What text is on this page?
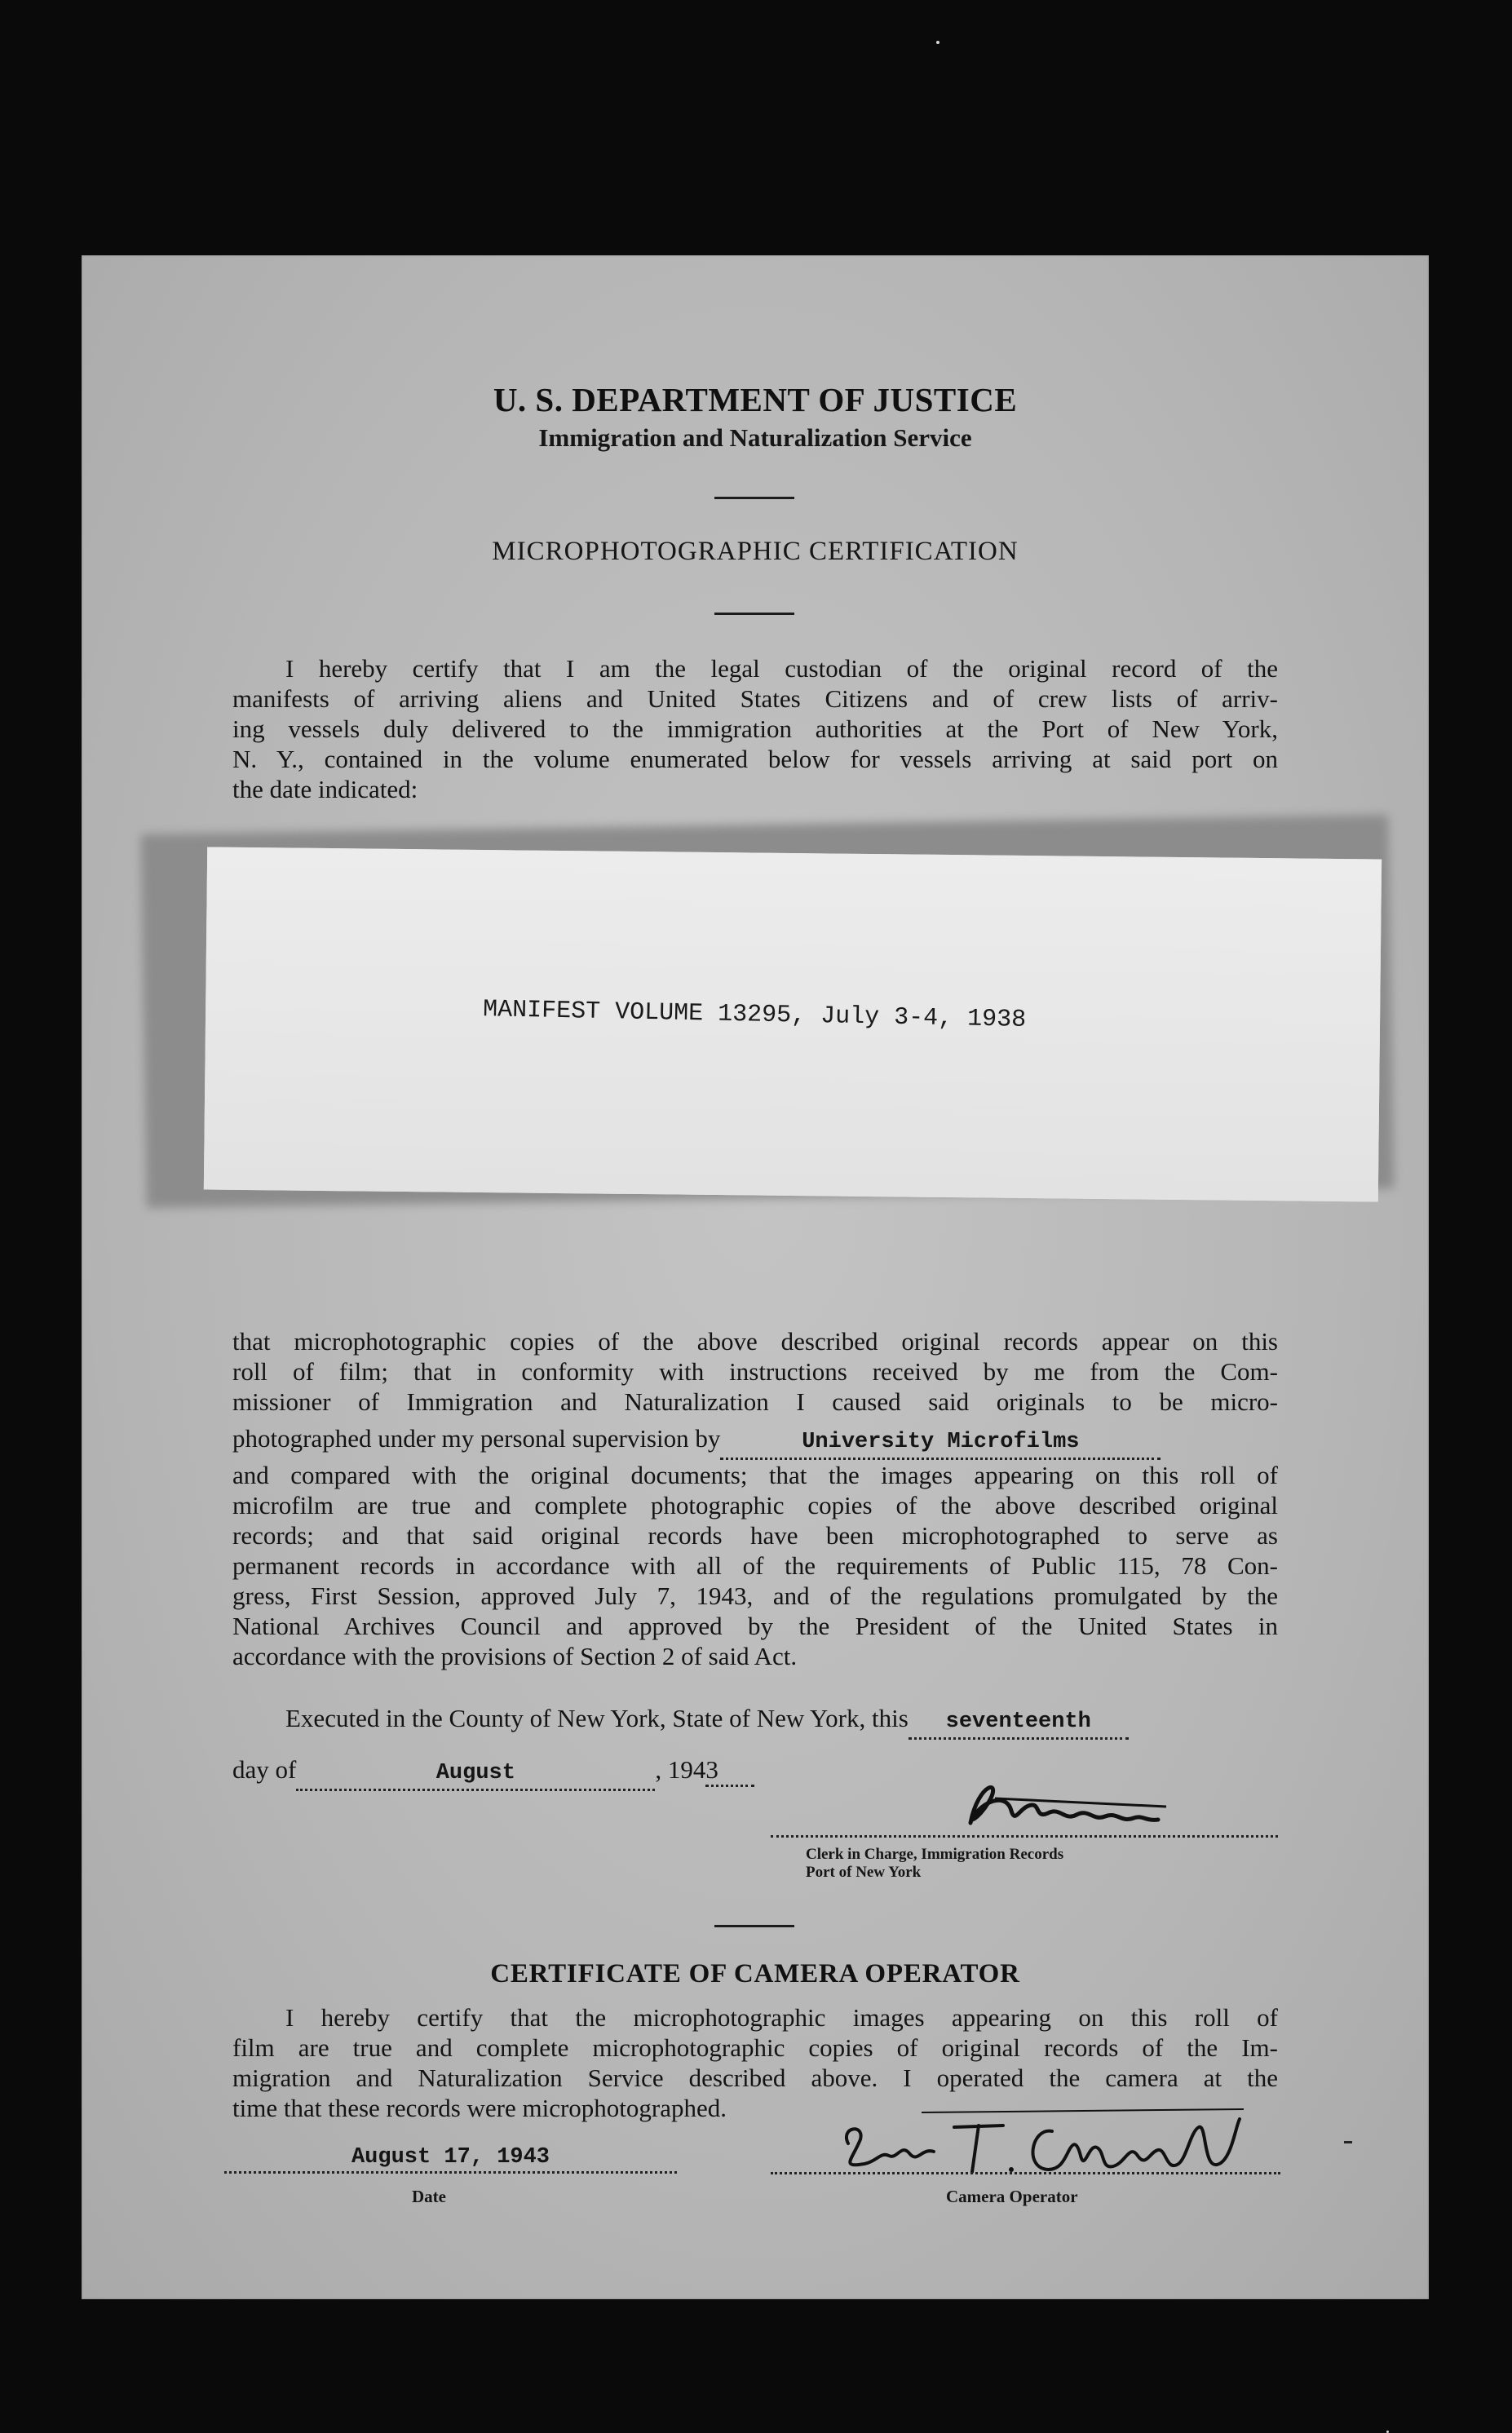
U. S. DEPARTMENT OF JUSTICE
Immigration and Naturalization Service
MICROPHOTOGRAPHIC CERTIFICATION
I hereby certify that I am the legal custodian of the original record of the
manifests of arriving aliens and United States Citizens and of crew lists of arriv-
ing vessels duly delivered to the immigration authorities at the Port of New York,
N. Y., contained in the volume enumerated below for vessels arriving at said port on
the date indicated:
MANIFEST VOLUME 13295, July 3-4, 1938
that microphotographic copies of the above described original records appear on this
roll of film; that in conformity with instructions received by me from the Com-
missioner of Immigration and Naturalization I caused said originals to be micro-
photographed under my personal supervision by	University Microfilms
and compared with the original documents; that the images appearing on this roll of
microfilm are true and complete photographic copies of the above described original
records; and that said original records have been microphotographed to serve as
permanent records in accordance with all of the requirements of Public 115, 78 Con-
gress, First Session, approved July 7, 1943, and of the regulations promulgated by the
National Archives Council and approved by the President of the United States in
accordance with the provisions of Section 2 of said Act.
Executed in the County of New York, State of New York, this seventeenth
day of	August	, 1943
Clerk in Charge, Immigration Records
Port of New York
CERTIFICATE OF CAMERA OPERATOR
I hereby certify that the microphotographic images appearing on this roll of
film are true and complete microphotographic copies of original records of the Im-
migration and Naturalization Service described above. I operated the camera at the
time that these records were microphotographed.
August 17, 1943
Date	Camera Operator
